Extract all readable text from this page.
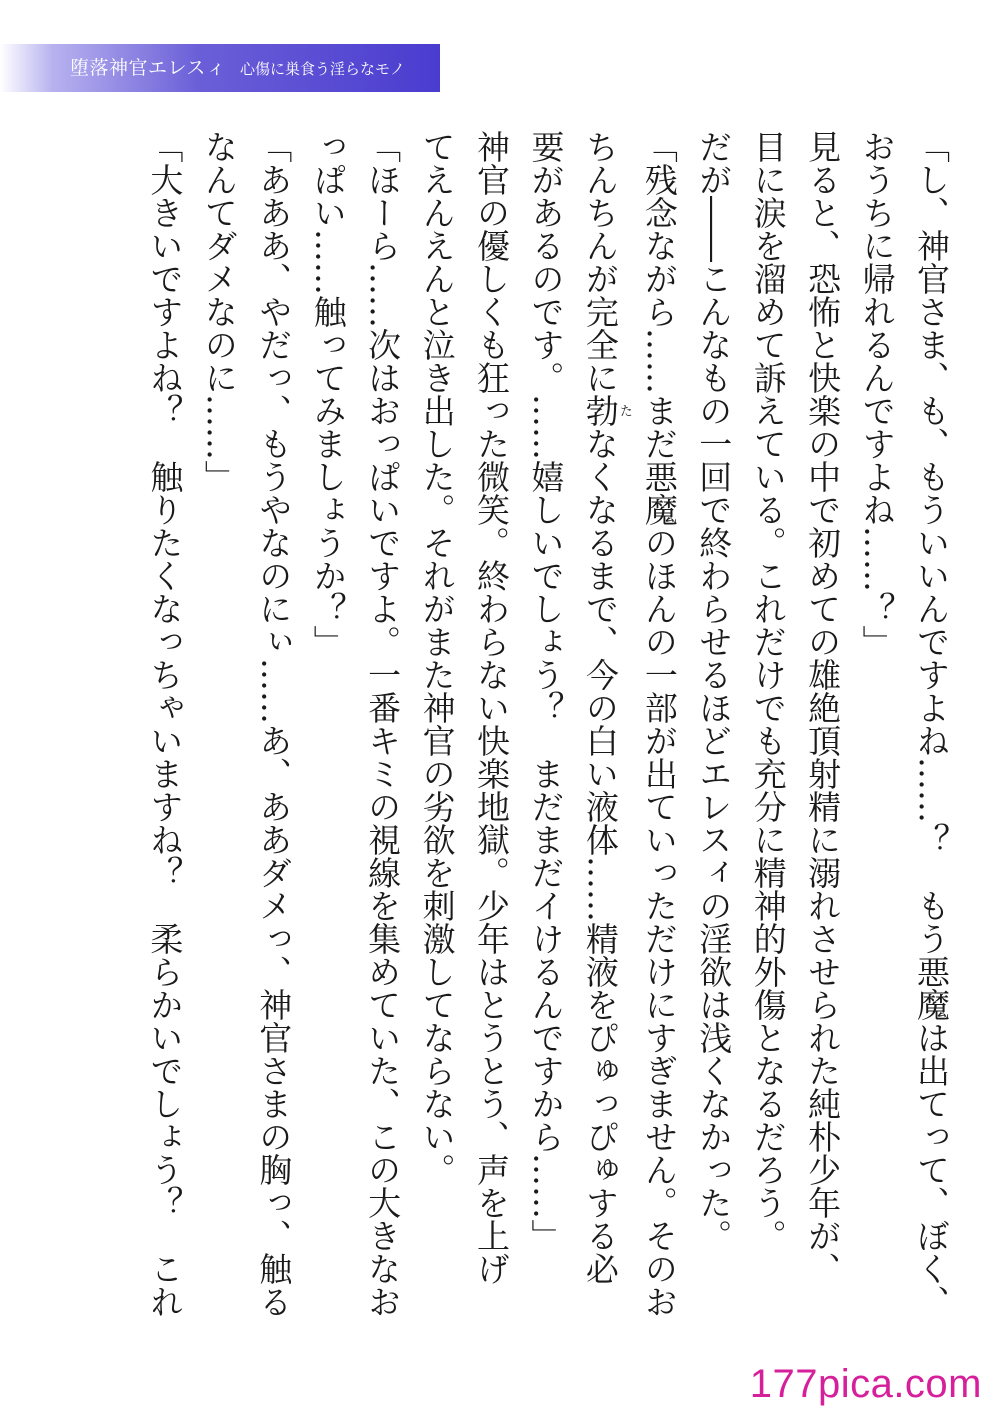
堕落神官エレスィ 心傷に巣食う淫らなモノ
「し、神官さま、も、もういいんですよね……？　もう悪魔は出てって、ぼく、
おうちに帰れるんですよね……？」
見ると、恐怖と快楽の中で初めての雄絶頂射精に溺れさせられた純朴少年が、
目に涙を溜めて訴えている。これだけでも充分に精神的外傷となるだろう。
だが――こんなもの一回で終わらせるほどエレスィの淫欲は浅くなかった。
「残念ながら……まだ悪魔のほんの一部が出ていっただけにすぎません。そのお
ちんちんが完全に勃たなくなるまで、今の白い液体……精液をぴゅっぴゅする必
要があるのです。……嬉しいでしょう？　まだまだイけるんですから……」
神官の優しくも狂った微笑。終わらない快楽地獄。少年はとうとう、声を上げ
てえんえんと泣き出した。それがまた神官の劣欲を刺激してならない。
「ほーら……次はおっぱいですよ。一番キミの視線を集めていた、この大きなお
っぱい……触ってみましょうか？」
「あああ、やだっ、もうやなのにぃ……あ、ああダメっ、神官さまの胸っ、触る
なんてダメなのに……」
「大きいですよね？　触りたくなっちゃいますね？　柔らかいでしょう？　これ
177pica.com
